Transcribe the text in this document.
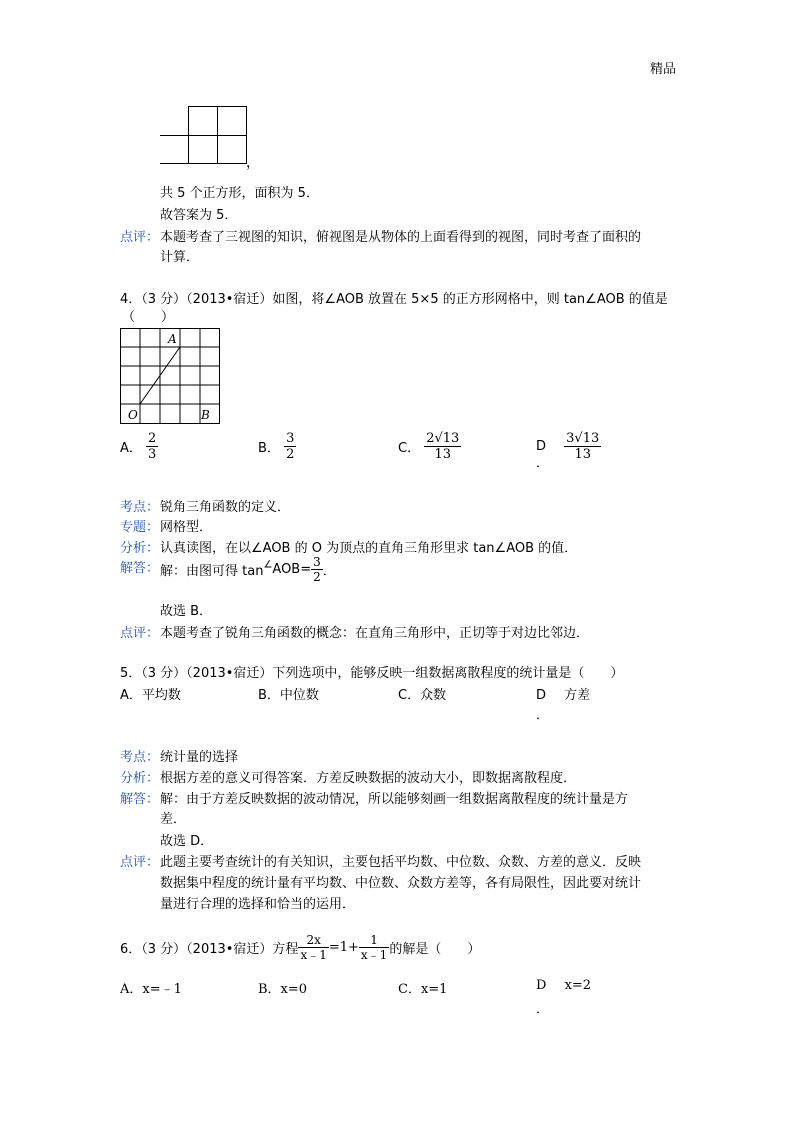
精品
，
共 5 个正方形，面积为 5．
故答案为 5．
点评： 本题考查了三视图的知识，俯视图是从物体的上面看得到的视图，同时考查了面积的
计算．
4．（3 分）（2013•宿迁）如图，将∠AOB 放置在 5×5 的正方形网格中，则 tan∠AOB 的值是
（　　）
A
O	B
A． $\frac{2}{3}$	B． $\frac{3}{2}$	C． $\frac{2√13}{13}$	D $\frac{3√13}{13}$
．
考点： 锐角三角函数的定义．
专题： 网格型．
分析： 认真读图，在以∠AOB 的 O 为顶点的直角三角形里求 tan∠AOB 的值．
解答： 解：由图可得 $\tan^\angle AOB= \frac{3}{2}$ ．
故选 B．
点评： 本题考查了锐角三角函数的概念：在直角三角形中，正切等于对边比邻边．
5．（3 分）（2013•宿迁）下列选项中，能够反映一组数据离散程度的统计量是（　　）
A．平均数	B．中位数	C．众数	D 方差
．
考点： 统计量的选择
分析： 根据方差的意义可得答案．方差反映数据的波动大小，即数据离散程度．
解答： 解：由于方差反映数据的波动情况，所以能够刻画一组数据离散程度的统计量是方
差．
故选 D．
点评： 此题主要考查统计的有关知识，主要包括平均数、中位数、众数、方差的意义．反映
数据集中程度的统计量有平均数、中位数、众数方差等，各有局限性，因此要对统计
量进行合理的选择和恰当的运用．
6．（3 分）（2013•宿迁）方程 $\frac{2x}{x﹣1} =1+ \frac{1}{x﹣1}$ 的解是（　　）
A．x=﹣1	B．x=0	C．x=1	D x=2
．
